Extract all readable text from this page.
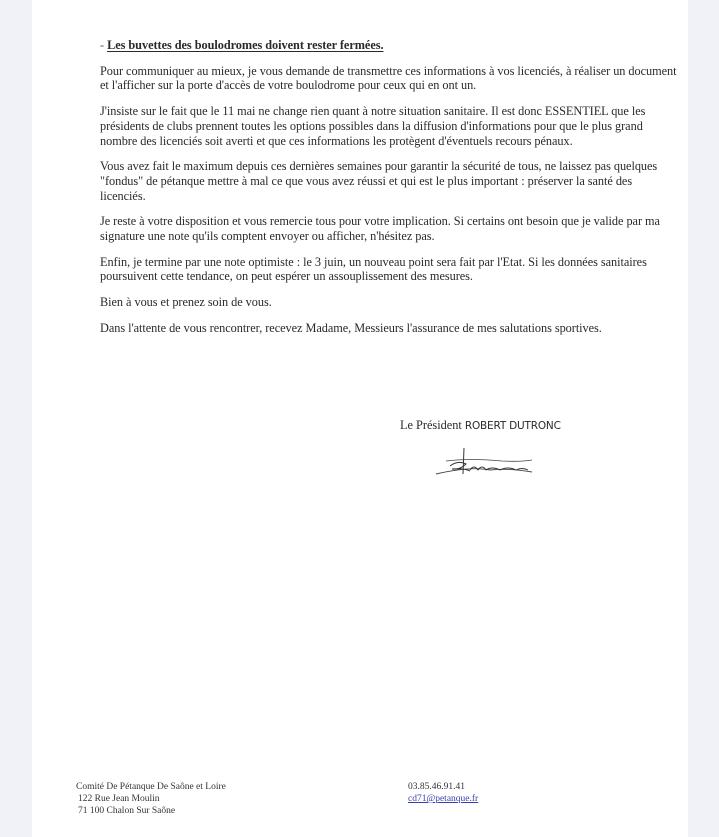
- Les buvettes des boulodromes doivent rester fermées.

Pour communiquer au mieux, je vous demande de transmettre ces informations à vos licenciés, à réaliser un document et l'afficher sur la porte d'accès de votre boulodrome pour ceux qui en ont un.

J'insiste sur le fait que le 11 mai ne change rien quant à notre situation sanitaire. Il est donc ESSENTIEL que les présidents de clubs prennent toutes les options possibles dans la diffusion d'informations pour que le plus grand nombre des licenciés soit averti et que ces informations les protègent d'éventuels recours pénaux.

Vous avez fait le maximum depuis ces dernières semaines pour garantir la sécurité de tous, ne laissez pas quelques "fondus" de pétanque mettre à mal ce que vous avez réussi et qui est le plus important : préserver la santé des licenciés.

Je reste à votre disposition et vous remercie tous pour votre implication. Si certains ont besoin que je valide par ma signature une note qu'ils comptent envoyer ou afficher, n'hésitez pas.

Enfin, je termine par une note optimiste : le 3 juin, un nouveau point sera fait par l'Etat. Si les données sanitaires poursuivent cette tendance, on peut espérer un assouplissement des mesures.

Bien à vous et prenez soin de vous.

Dans l'attente de vous rencontrer, recevez Madame, Messieurs l'assurance de mes salutations sportives.

Le Président ROBERT DUTRONC
Comité De Pétanque De Saône et Loire
122 Rue Jean Moulin
71 100 Chalon Sur Saône
03.85.46.91.41
cd71@petanque.fr
